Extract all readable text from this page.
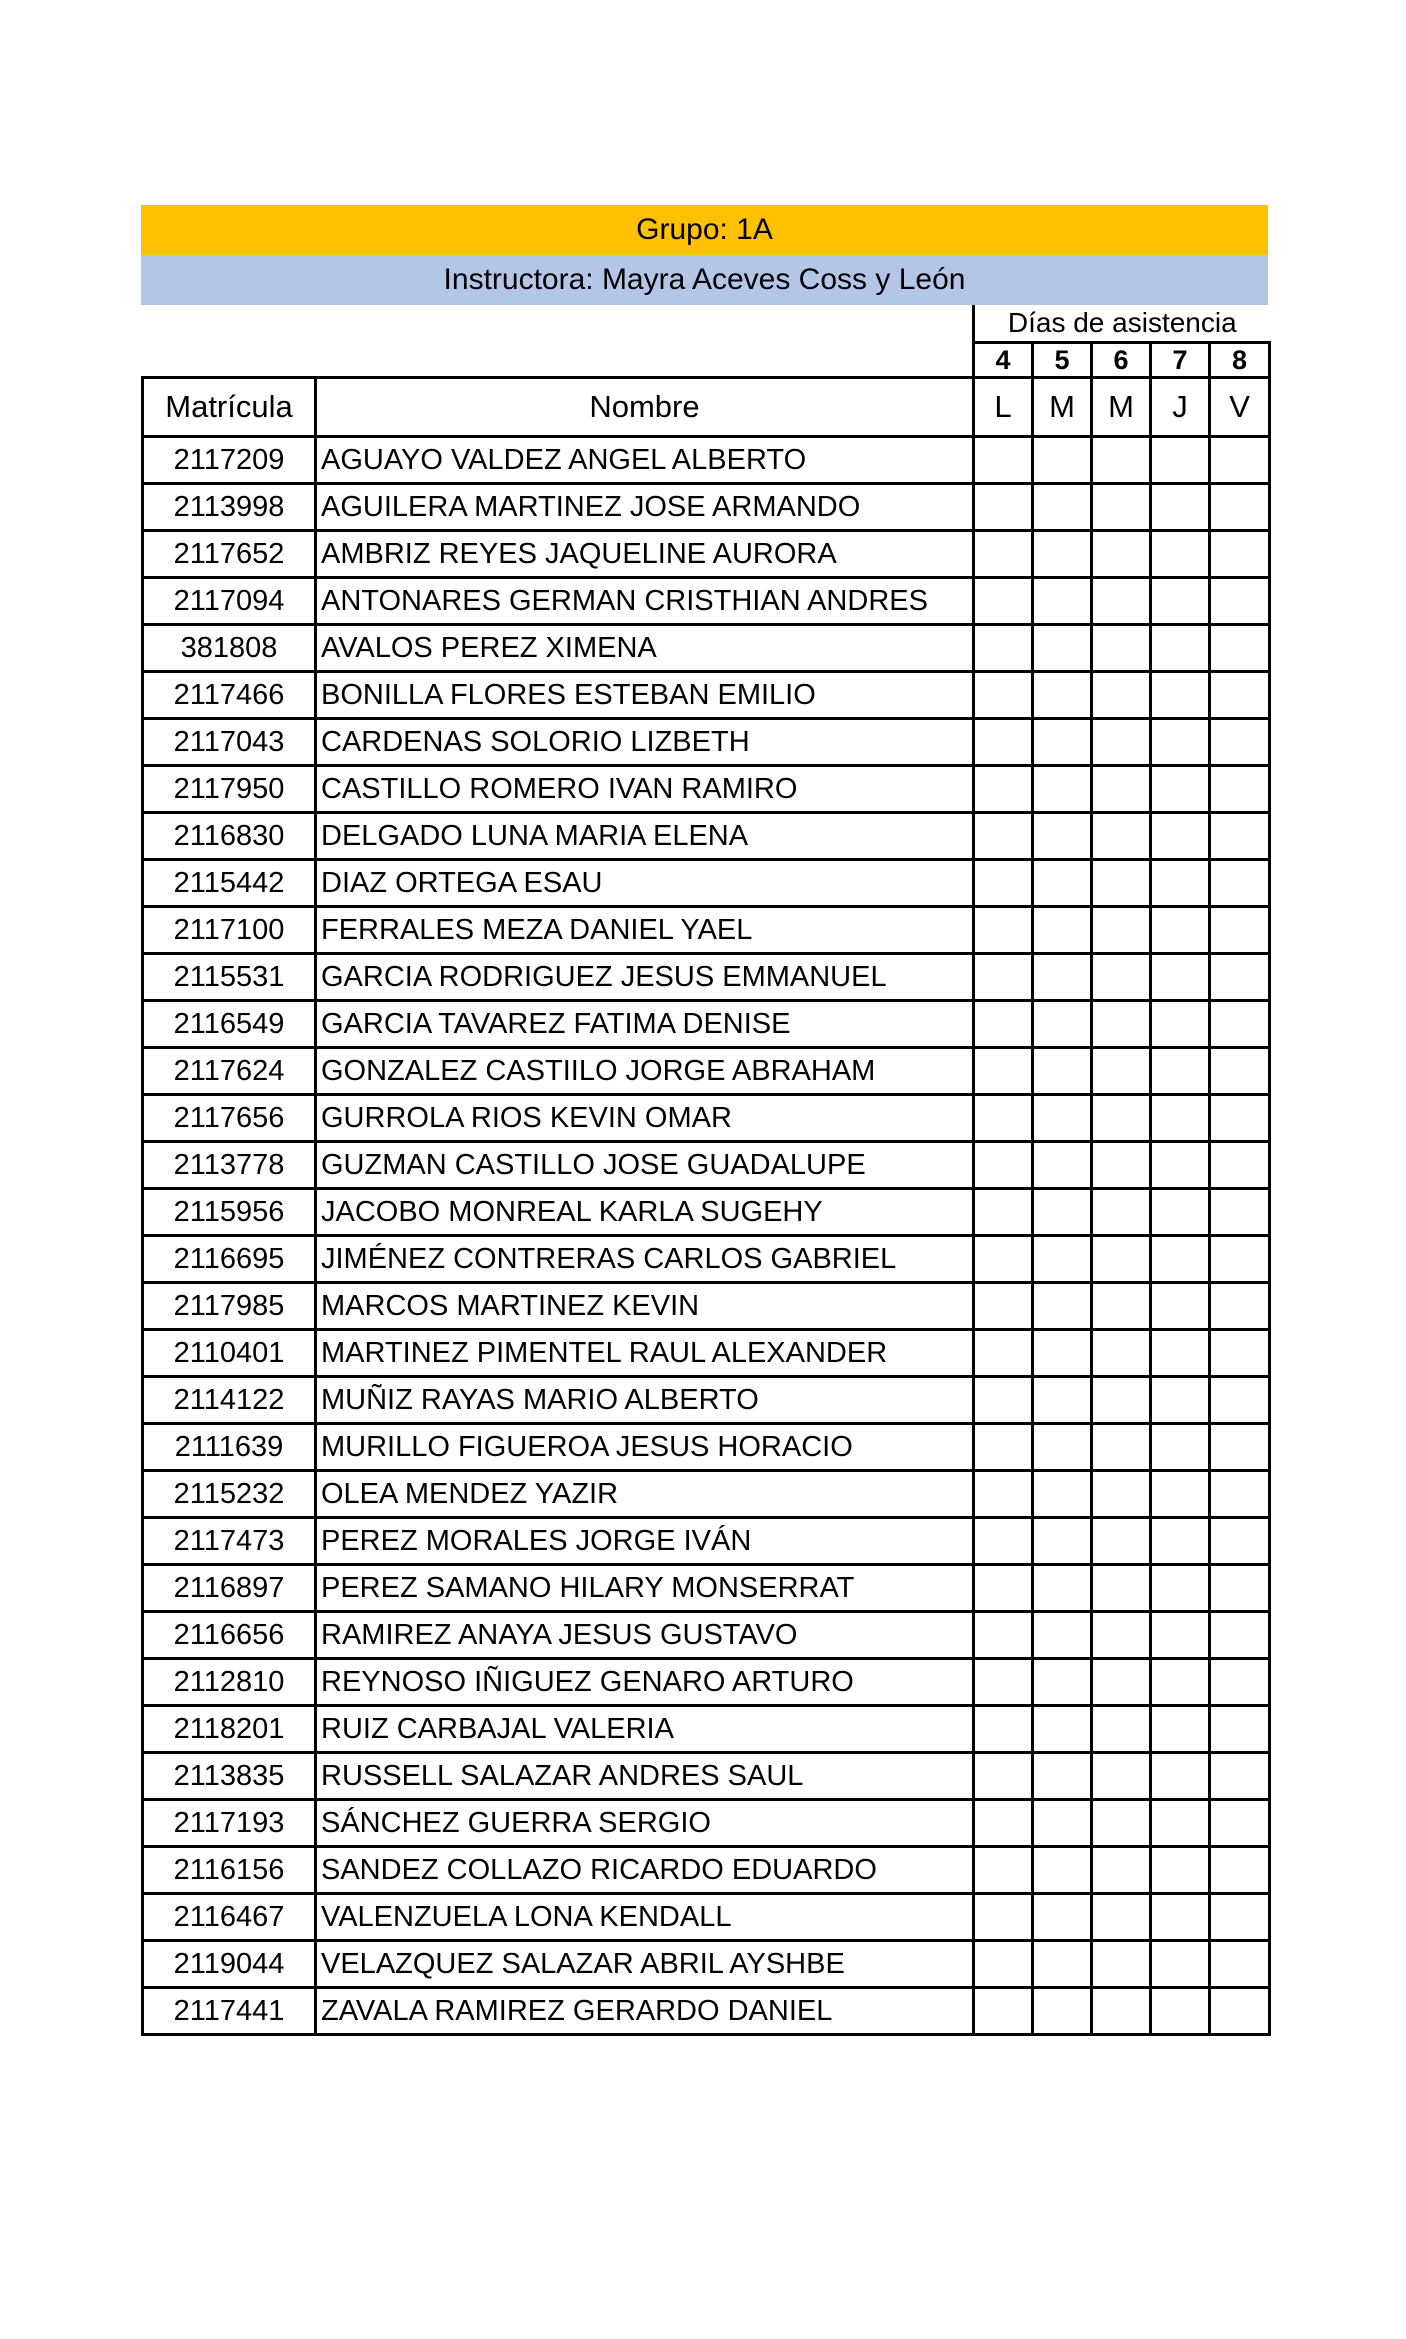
Grupo: 1A
Instructora: Mayra Aceves Coss y León
		Días de asistencia				
		4	5	6	7	8
Matrícula	Nombre	L	M	M	J	V
2117209	AGUAYO VALDEZ ANGEL ALBERTO					
2113998	AGUILERA MARTINEZ JOSE ARMANDO					
2117652	AMBRIZ REYES JAQUELINE AURORA					
2117094	ANTONARES GERMAN CRISTHIAN ANDRES					
381808	AVALOS PEREZ XIMENA					
2117466	BONILLA FLORES ESTEBAN EMILIO					
2117043	CARDENAS SOLORIO LIZBETH					
2117950	CASTILLO ROMERO IVAN RAMIRO					
2116830	DELGADO LUNA MARIA ELENA					
2115442	DIAZ ORTEGA ESAU					
2117100	FERRALES MEZA DANIEL YAEL					
2115531	GARCIA RODRIGUEZ JESUS EMMANUEL					
2116549	GARCIA TAVAREZ FATIMA DENISE					
2117624	GONZALEZ CASTIILO JORGE ABRAHAM					
2117656	GURROLA RIOS KEVIN OMAR					
2113778	GUZMAN CASTILLO JOSE GUADALUPE					
2115956	JACOBO MONREAL KARLA SUGEHY					
2116695	JIMÉNEZ CONTRERAS CARLOS GABRIEL					
2117985	MARCOS MARTINEZ KEVIN					
2110401	MARTINEZ PIMENTEL RAUL ALEXANDER					
2114122	MUÑIZ RAYAS MARIO ALBERTO					
2111639	MURILLO FIGUEROA JESUS HORACIO					
2115232	OLEA MENDEZ YAZIR					
2117473	PEREZ MORALES JORGE IVÁN					
2116897	PEREZ SAMANO HILARY MONSERRAT					
2116656	RAMIREZ ANAYA JESUS GUSTAVO					
2112810	REYNOSO IÑIGUEZ GENARO ARTURO					
2118201	RUIZ CARBAJAL VALERIA					
2113835	RUSSELL SALAZAR ANDRES SAUL					
2117193	SÁNCHEZ GUERRA SERGIO					
2116156	SANDEZ COLLAZO RICARDO EDUARDO					
2116467	VALENZUELA LONA KENDALL					
2119044	VELAZQUEZ SALAZAR ABRIL AYSHBE					
2117441	ZAVALA RAMIREZ GERARDO DANIEL					
